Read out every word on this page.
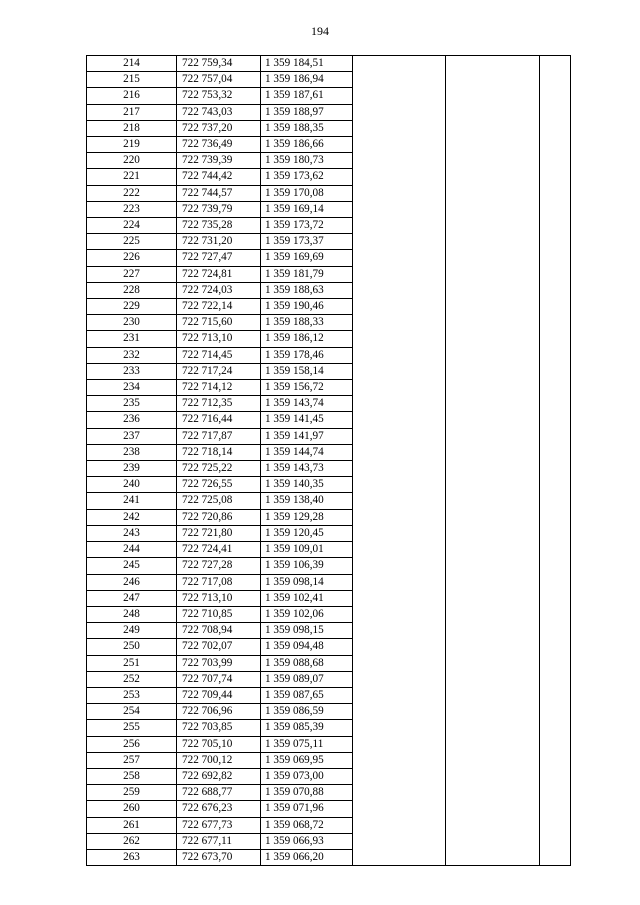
194
214	722 759,34	1 359 184,51			
215	722 757,04	1 359 186,94			
216	722 753,32	1 359 187,61			
217	722 743,03	1 359 188,97			
218	722 737,20	1 359 188,35			
219	722 736,49	1 359 186,66			
220	722 739,39	1 359 180,73			
221	722 744,42	1 359 173,62			
222	722 744,57	1 359 170,08			
223	722 739,79	1 359 169,14			
224	722 735,28	1 359 173,72			
225	722 731,20	1 359 173,37			
226	722 727,47	1 359 169,69			
227	722 724,81	1 359 181,79			
228	722 724,03	1 359 188,63			
229	722 722,14	1 359 190,46			
230	722 715,60	1 359 188,33			
231	722 713,10	1 359 186,12			
232	722 714,45	1 359 178,46			
233	722 717,24	1 359 158,14			
234	722 714,12	1 359 156,72			
235	722 712,35	1 359 143,74			
236	722 716,44	1 359 141,45			
237	722 717,87	1 359 141,97			
238	722 718,14	1 359 144,74			
239	722 725,22	1 359 143,73			
240	722 726,55	1 359 140,35			
241	722 725,08	1 359 138,40			
242	722 720,86	1 359 129,28			
243	722 721,80	1 359 120,45			
244	722 724,41	1 359 109,01			
245	722 727,28	1 359 106,39			
246	722 717,08	1 359 098,14			
247	722 713,10	1 359 102,41			
248	722 710,85	1 359 102,06			
249	722 708,94	1 359 098,15			
250	722 702,07	1 359 094,48			
251	722 703,99	1 359 088,68			
252	722 707,74	1 359 089,07			
253	722 709,44	1 359 087,65			
254	722 706,96	1 359 086,59			
255	722 703,85	1 359 085,39			
256	722 705,10	1 359 075,11			
257	722 700,12	1 359 069,95			
258	722 692,82	1 359 073,00			
259	722 688,77	1 359 070,88			
260	722 676,23	1 359 071,96			
261	722 677,73	1 359 068,72			
262	722 677,11	1 359 066,93			
263	722 673,70	1 359 066,20			
